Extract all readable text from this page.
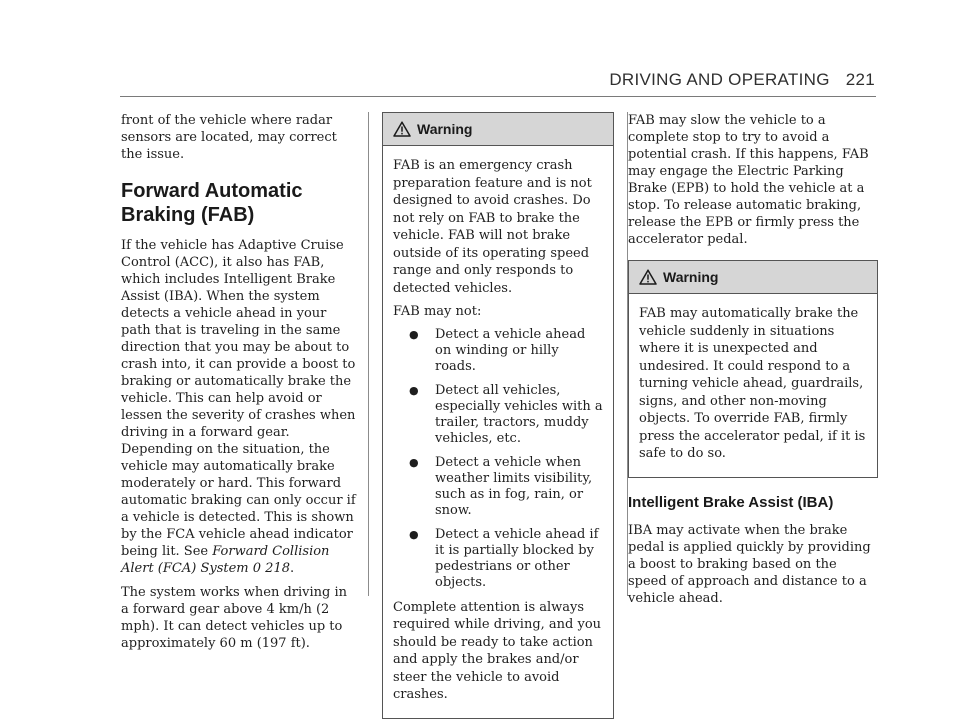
DRIVING AND OPERATING 221

front of the vehicle where radar sensors are located, may correct the issue.

Forward Automatic
Braking (FAB)

If the vehicle has Adaptive Cruise Control (ACC), it also has FAB, which includes Intelligent Brake Assist (IBA). When the system detects a vehicle ahead in your path that is traveling in the same direction that you may be about to crash into, it can provide a boost to braking or automatically brake the vehicle. This can help avoid or lessen the severity of crashes when driving in a forward gear. Depending on the situation, the vehicle may automatically brake moderately or hard. This forward automatic braking can only occur if a vehicle is detected. This is shown by the FCA vehicle ahead indicator being lit. See Forward Collision Alert (FCA) System 0 218.

The system works when driving in a forward gear above 4 km/h (2 mph). It can detect vehicles up to approximately 60 m (197 ft).

Warning

FAB is an emergency crash preparation feature and is not designed to avoid crashes. Do not rely on FAB to brake the vehicle. FAB will not brake outside of its operating speed range and only responds to detected vehicles.

FAB may not:

● Detect a vehicle ahead on winding or hilly roads.
● Detect all vehicles, especially vehicles with a trailer, tractors, muddy vehicles, etc.
● Detect a vehicle when weather limits visibility, such as in fog, rain, or snow.
● Detect a vehicle ahead if it is partially blocked by pedestrians or other objects.

Complete attention is always required while driving, and you should be ready to take action and apply the brakes and/or steer the vehicle to avoid crashes.

FAB may slow the vehicle to a complete stop to try to avoid a potential crash. If this happens, FAB may engage the Electric Parking Brake (EPB) to hold the vehicle at a stop. To release automatic braking, release the EPB or firmly press the accelerator pedal.

Warning

FAB may automatically brake the vehicle suddenly in situations where it is unexpected and undesired. It could respond to a turning vehicle ahead, guardrails, signs, and other non-moving objects. To override FAB, firmly press the accelerator pedal, if it is safe to do so.

Intelligent Brake Assist (IBA)

IBA may activate when the brake pedal is applied quickly by providing a boost to braking based on the speed of approach and distance to a vehicle ahead.
